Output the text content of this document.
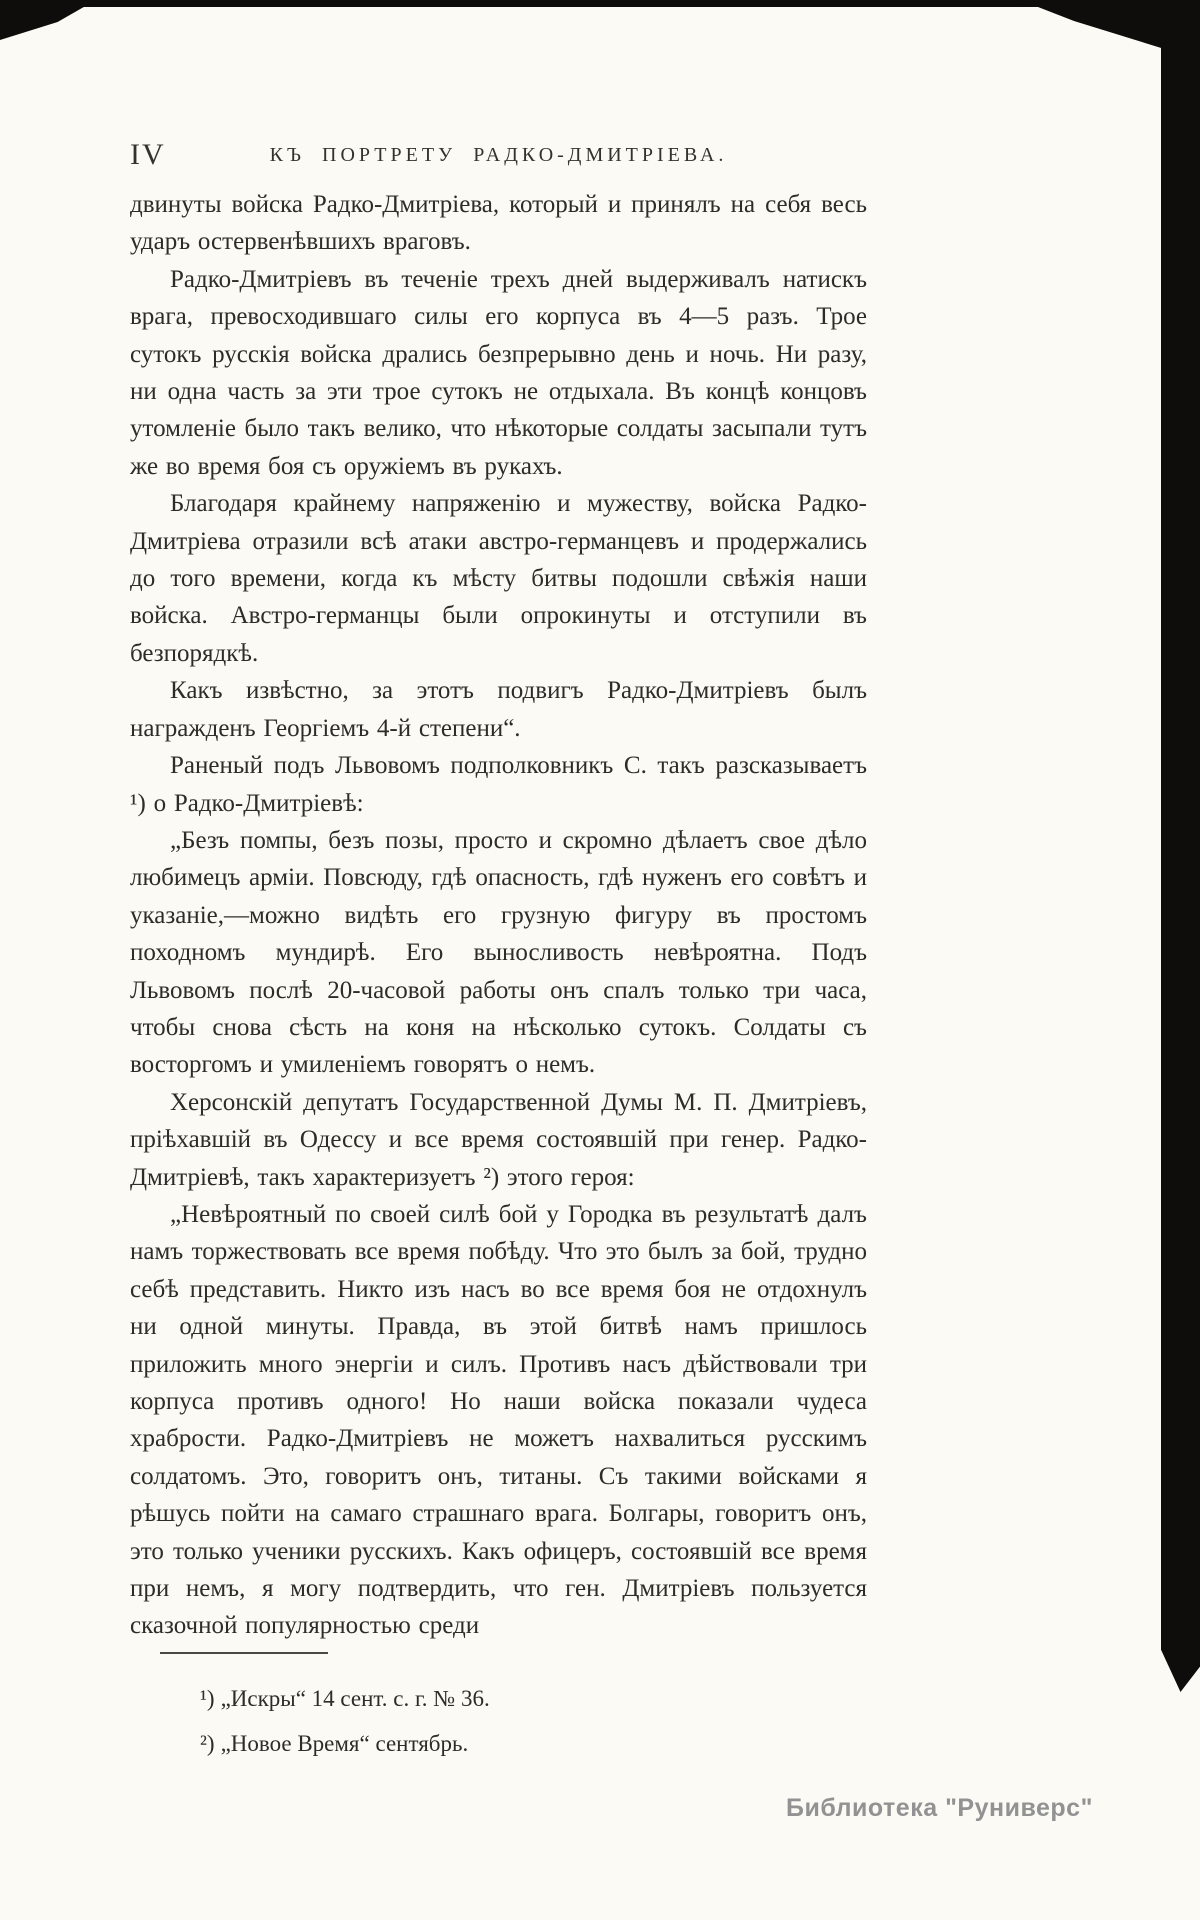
IV	КЪ ПОРТРЕТУ РАДКО-ДМИТРІЕВА.

двинуты войска Радко-Дмитріева, который и принялъ на себя весь ударъ остервенѣвшихъ враговъ.

Радко-Дмитріевъ въ теченіе трехъ дней выдерживалъ натискъ врага, превосходившаго силы его корпуса въ 4—5 разъ. Трое сутокъ русскія войска дрались безпрерывно день и ночь. Ни разу, ни одна часть за эти трое сутокъ не отдыхала. Въ концѣ концовъ утомленіе было такъ велико, что нѣкоторые солдаты засыпали тутъ же во время боя съ оружіемъ въ рукахъ.

Благодаря крайнему напряженію и мужеству, войска Радко-Дмитріева отразили всѣ атаки австро-германцевъ и продержались до того времени, когда къ мѣсту битвы подошли свѣжія наши войска. Австро-германцы были опрокинуты и отступили въ безпорядкѣ.

Какъ извѣстно, за этотъ подвигъ Радко-Дмитріевъ былъ награжденъ Георгіемъ 4-й степени“.

Раненый подъ Львовомъ подполковникъ С. такъ разсказываетъ ¹) о Радко-Дмитріевѣ:

„Безъ помпы, безъ позы, просто и скромно дѣлаетъ свое дѣло любимецъ арміи. Повсюду, гдѣ опасность, гдѣ нуженъ его совѣтъ и указаніе,—можно видѣть его грузную фигуру въ простомъ походномъ мундирѣ. Его выносливость невѣроятна. Подъ Львовомъ послѣ 20-часовой работы онъ спалъ только три часа, чтобы снова сѣсть на коня на нѣсколько сутокъ. Солдаты съ восторгомъ и умиленіемъ говорятъ о немъ.

Херсонскій депутатъ Государственной Думы М. П. Дмитріевъ, пріѣхавшій въ Одессу и все время состоявшій при генер. Радко-Дмитріевѣ, такъ характеризуетъ ²) этого героя:

„Невѣроятный по своей силѣ бой у Городка въ результатѣ далъ намъ торжествовать все время побѣду. Что это былъ за бой, трудно себѣ представить. Никто изъ насъ во все время боя не отдохнулъ ни одной минуты. Правда, въ этой битвѣ намъ пришлось приложить много энергіи и силъ. Противъ насъ дѣйствовали три корпуса противъ одного! Но наши войска показали чудеса храбрости. Радко-Дмитріевъ не можетъ нахвалиться русскимъ солдатомъ. Это, говоритъ онъ, титаны. Съ такими войсками я рѣшусь пойти на самаго страшнаго врага. Болгары, говоритъ онъ, это только ученики русскихъ. Какъ офицеръ, состоявшій все время при немъ, я могу подтвердить, что ген. Дмитріевъ пользуется сказочной популярностью среди

¹) „Искры“ 14 сент. с. г. № 36.

²) „Новое Время“ сентябрь.

Библиотека "Руниверс"
